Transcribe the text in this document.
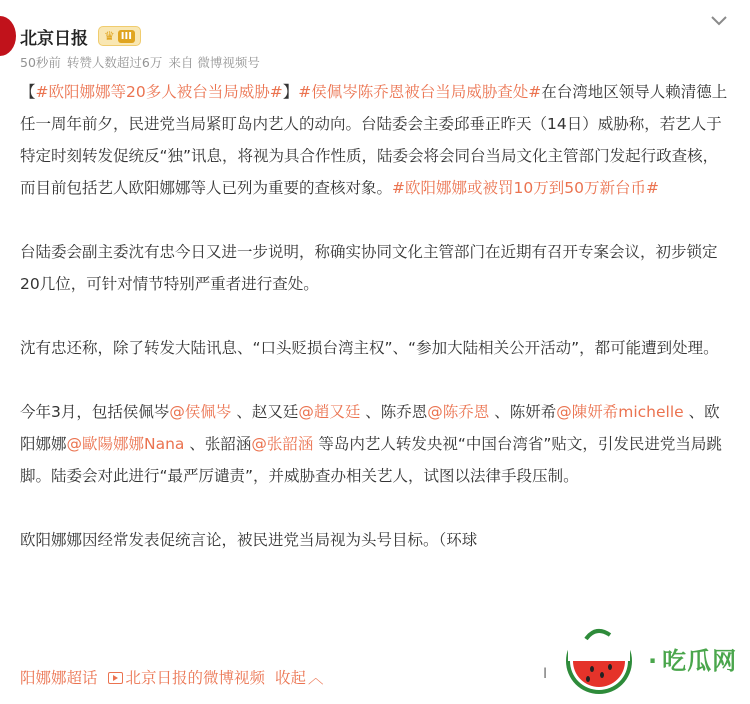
北京日报 ♛ III
50秒前 转赞人数超过6万 来自 微博视频号

【#欧阳娜娜等20多人被台当局威胁#】#侯佩岑陈乔恩被台当局威胁查处#在台湾地区领导人赖清德上任一周年前夕，民进党当局紧盯岛内艺人的动向。台陆委会主委邱垂正昨天（14日）威胁称，若艺人于特定时刻转发促统反“独”讯息，将视为具合作性质，陆委会将会同台当局文化主管部门发起行政查核，而目前包括艺人欧阳娜娜等人已列为重要的查核对象。#欧阳娜娜或被罚10万到50万新台币#

台陆委会副主委沈有忠今日又进一步说明，称确实协同文化主管部门在近期有召开专案会议，初步锁定20几位，可针对情节特别严重者进行查处。

沈有忠还称，除了转发大陆讯息、“口头贬损台湾主权”、“参加大陆相关公开活动”，都可能遭到处理。

今年3月，包括侯佩岑@侯佩岑 、赵又廷@趙又廷 、陈乔恩@陈乔恩 、陈妍希@陳妍希michelle 、欧阳娜娜@歐陽娜娜Nana 、张韶涵@张韶涵 等岛内艺人转发央视“中国台湾省”贴文，引发民进党当局跳脚。陆委会对此进行“最严厉谴责”，并威胁查办相关艺人，试图以法律手段压制。

欧阳娜娜因经常发表促统言论，被民进党当局视为头号目标。（环球

阳娜娜超话	北京日报的微博视频 收起 ︿	I	· 吃瓜网
